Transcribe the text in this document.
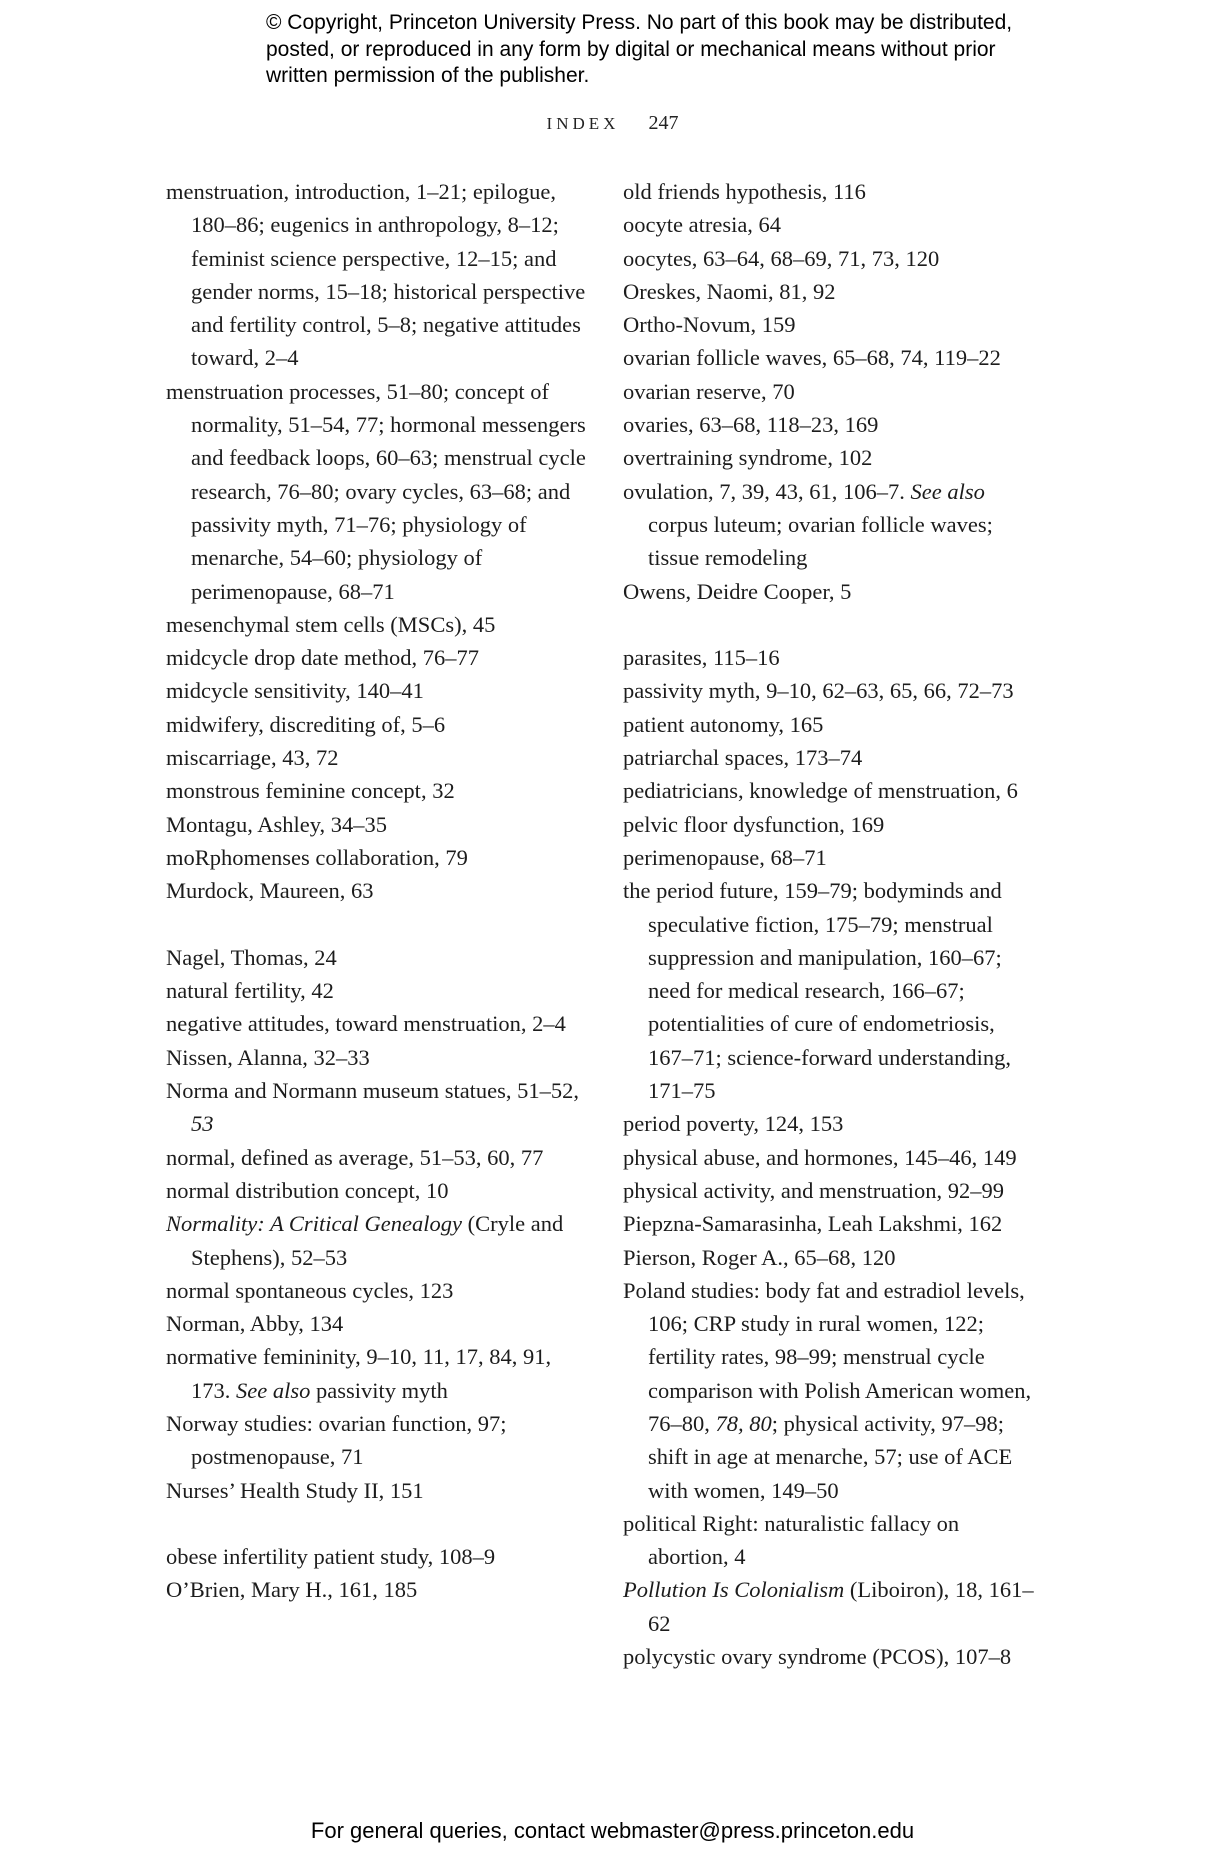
© Copyright, Princeton University Press. No part of this book may be distributed, posted, or reproduced in any form by digital or mechanical means without prior written permission of the publisher.
INDEX 247

menstruation, introduction, 1–21; epilogue, 180–86; eugenics in anthropology, 8–12; feminist science perspective, 12–15; and gender norms, 15–18; historical perspective and fertility control, 5–8; negative attitudes toward, 2–4

menstruation processes, 51–80; concept of normality, 51–54, 77; hormonal messengers and feedback loops, 60–63; menstrual cycle research, 76–80; ovary cycles, 63–68; and passivity myth, 71–76; physiology of menarche, 54–60; physiology of perimenopause, 68–71

mesenchymal stem cells (MSCs), 45

midcycle drop date method, 76–77

midcycle sensitivity, 140–41

midwifery, discrediting of, 5–6

miscarriage, 43, 72

monstrous feminine concept, 32

Montagu, Ashley, 34–35

moRphomenses collaboration, 79

Murdock, Maureen, 63

Nagel, Thomas, 24

natural fertility, 42

negative attitudes, toward menstruation, 2–4

Nissen, Alanna, 32–33

Norma and Normann museum statues, 51–52, 53

normal, defined as average, 51–53, 60, 77

normal distribution concept, 10

Normality: A Critical Genealogy (Cryle and Stephens), 52–53

normal spontaneous cycles, 123

Norman, Abby, 134

normative femininity, 9–10, 11, 17, 84, 91, 173. See also passivity myth

Norway studies: ovarian function, 97; postmenopause, 71

Nurses’ Health Study II, 151

obese infertility patient study, 108–9

O’Brien, Mary H., 161, 185

old friends hypothesis, 116

oocyte atresia, 64

oocytes, 63–64, 68–69, 71, 73, 120

Oreskes, Naomi, 81, 92

Ortho-Novum, 159

ovarian follicle waves, 65–68, 74, 119–22

ovarian reserve, 70

ovaries, 63–68, 118–23, 169

overtraining syndrome, 102

ovulation, 7, 39, 43, 61, 106–7. See also corpus luteum; ovarian follicle waves; tissue remodeling

Owens, Deidre Cooper, 5

parasites, 115–16

passivity myth, 9–10, 62–63, 65, 66, 72–73

patient autonomy, 165

patriarchal spaces, 173–74

pediatricians, knowledge of menstruation, 6

pelvic floor dysfunction, 169

perimenopause, 68–71

the period future, 159–79; bodyminds and speculative fiction, 175–79; menstrual suppression and manipulation, 160–67; need for medical research, 166–67; potentialities of cure of endometriosis, 167–71; science-forward understanding, 171–75

period poverty, 124, 153

physical abuse, and hormones, 145–46, 149

physical activity, and menstruation, 92–99

Piepzna-Samarasinha, Leah Lakshmi, 162

Pierson, Roger A., 65–68, 120

Poland studies: body fat and estradiol levels, 106; CRP study in rural women, 122; fertility rates, 98–99; menstrual cycle comparison with Polish American women, 76–80, 78, 80; physical activity, 97–98; shift in age at menarche, 57; use of ACE with women, 149–50

political Right: naturalistic fallacy on abortion, 4

Pollution Is Colonialism (Liboiron), 18, 161–62

polycystic ovary syndrome (PCOS), 107–8

For general queries, contact webmaster@press.princeton.edu
